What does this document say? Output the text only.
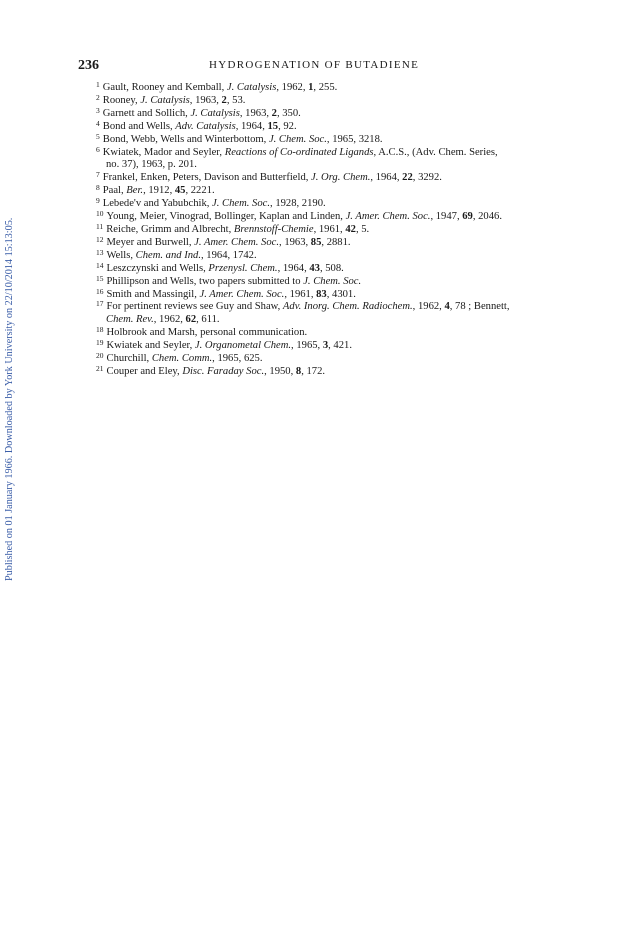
Published on 01 January 1966. Downloaded by York University on 22/10/2014 15:13:05.
236	HYDROGENATION OF BUTADIENE

$^1$ Gault, Rooney and Kemball, J. Catalysis, 1962, 1, 255.

$^2$ Rooney, J. Catalysis, 1963, 2, 53.

$^3$ Garnett and Sollich, J. Catalysis, 1963, 2, 350.

$^4$ Bond and Wells, Adv. Catalysis, 1964, 15, 92.

$^5$ Bond, Webb, Wells and Winterbottom, J. Chem. Soc., 1965, 3218.

$^6$ Kwiatek, Mador and Seyler, Reactions of Co-ordinated Ligands, A.C.S., (Adv. Chem. Series,

no. 37), 1963, p. 201.

$^7$ Frankel, Enken, Peters, Davison and Butterfield, J. Org. Chem., 1964, 22, 3292.

$^8$ Paal, Ber., 1912, 45, 2221.

$^9$ Lebede'v and Yabubchik, J. Chem. Soc., 1928, 2190.

$^{10}$ Young, Meier, Vinograd, Bollinger, Kaplan and Linden, J. Amer. Chem. Soc., 1947, 69, 2046.

$^{11}$ Reiche, Grimm and Albrecht, Brennstoff-Chemie, 1961, 42, 5.

$^{12}$ Meyer and Burwell, J. Amer. Chem. Soc., 1963, 85, 2881.

$^{13}$ Wells, Chem. and Ind., 1964, 1742.

$^{14}$ Leszczynski and Wells, Przenysl. Chem., 1964, 43, 508.

$^{15}$ Phillipson and Wells, two papers submitted to J. Chem. Soc.

$^{16}$ Smith and Massingil, J. Amer. Chem. Soc., 1961, 83, 4301.

$^{17}$ For pertinent reviews see Guy and Shaw, Adv. Inorg. Chem. Radiochem., 1962, 4, 78 ; Bennett,

Chem. Rev., 1962, 62, 611.

$^{18}$ Holbrook and Marsh, personal communication.

$^{19}$ Kwiatek and Seyler, J. Organometal Chem., 1965, 3, 421.

$^{20}$ Churchill, Chem. Comm., 1965, 625.

$^{21}$ Couper and Eley, Disc. Faraday Soc., 1950, 8, 172.
